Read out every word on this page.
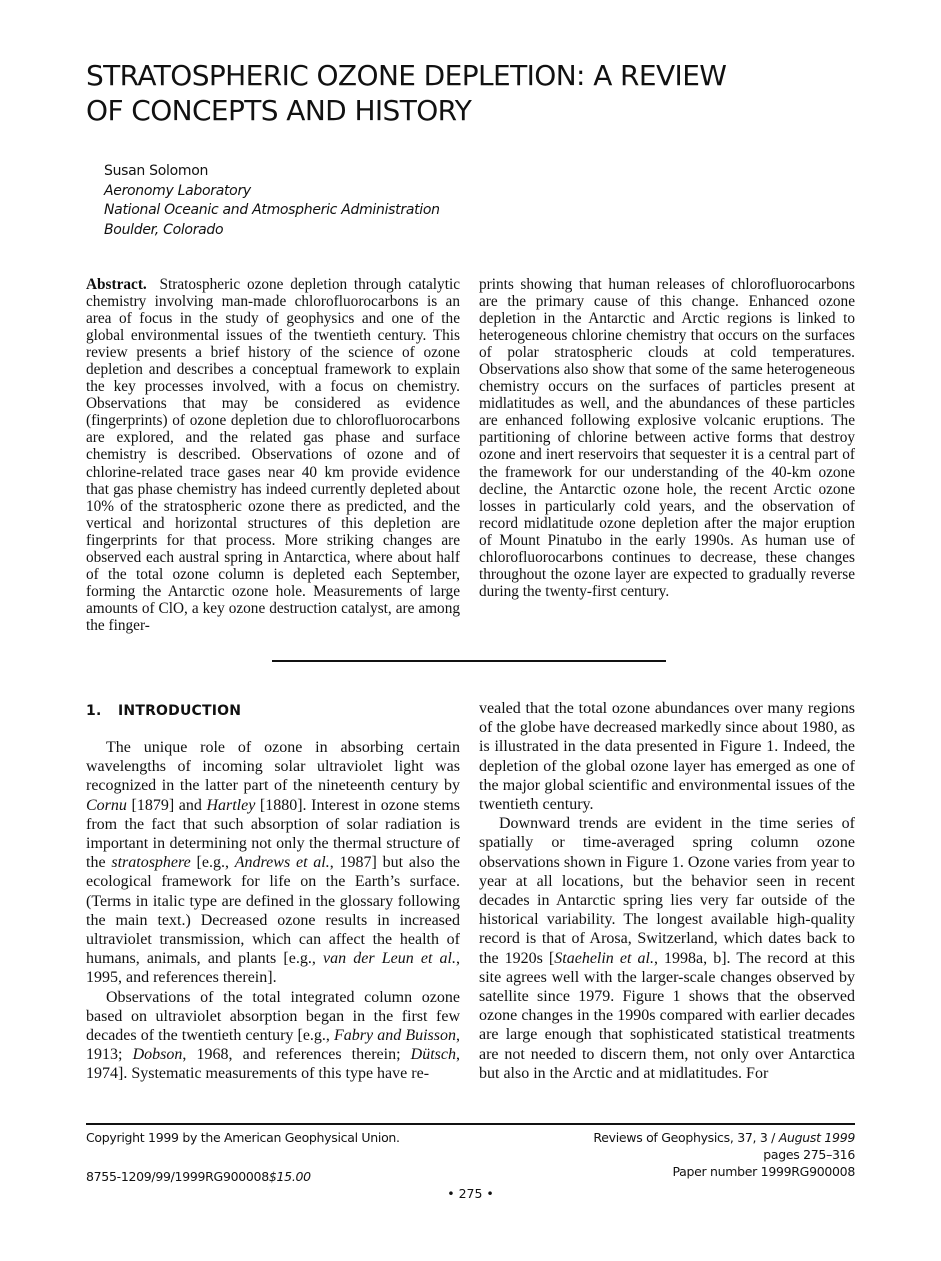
STRATOSPHERIC OZONE DEPLETION: A REVIEW
OF CONCEPTS AND HISTORY
Susan Solomon
Aeronomy Laboratory
National Oceanic and Atmospheric Administration
Boulder, Colorado
Abstract. Stratospheric ozone depletion through catalytic chemistry involving man-made chlorofluorocarbons is an area of focus in the study of geophysics and one of the global environmental issues of the twentieth century. This review presents a brief history of the science of ozone depletion and describes a conceptual framework to explain the key processes involved, with a focus on chemistry. Observations that may be considered as evidence (fingerprints) of ozone depletion due to chlorofluorocarbons are explored, and the related gas phase and surface chemistry is described. Observations of ozone and of chlorine-related trace gases near 40 km provide evidence that gas phase chemistry has indeed currently depleted about 10% of the stratospheric ozone there as predicted, and the vertical and horizontal structures of this depletion are fingerprints for that process. More striking changes are observed each austral spring in Antarctica, where about half of the total ozone column is depleted each September, forming the Antarctic ozone hole. Measurements of large amounts of ClO, a key ozone destruction catalyst, are among the finger-
prints showing that human releases of chlorofluorocarbons are the primary cause of this change. Enhanced ozone depletion in the Antarctic and Arctic regions is linked to heterogeneous chlorine chemistry that occurs on the surfaces of polar stratospheric clouds at cold temperatures. Observations also show that some of the same heterogeneous chemistry occurs on the surfaces of particles present at midlatitudes as well, and the abundances of these particles are enhanced following explosive volcanic eruptions. The partitioning of chlorine between active forms that destroy ozone and inert reservoirs that sequester it is a central part of the framework for our understanding of the 40-km ozone decline, the Antarctic ozone hole, the recent Arctic ozone losses in particularly cold years, and the observation of record midlatitude ozone depletion after the major eruption of Mount Pinatubo in the early 1990s. As human use of chlorofluorocarbons continues to decrease, these changes throughout the ozone layer are expected to gradually reverse during the twenty-first century.
1. INTRODUCTION

The unique role of ozone in absorbing certain wavelengths of incoming solar ultraviolet light was recognized in the latter part of the nineteenth century by Cornu [1879] and Hartley [1880]. Interest in ozone stems from the fact that such absorption of solar radiation is important in determining not only the thermal structure of the stratosphere [e.g., Andrews et al., 1987] but also the ecological framework for life on the Earth’s surface. (Terms in italic type are defined in the glossary following the main text.) Decreased ozone results in increased ultraviolet transmission, which can affect the health of humans, animals, and plants [e.g., van der Leun et al., 1995, and references therein].

Observations of the total integrated column ozone based on ultraviolet absorption began in the first few decades of the twentieth century [e.g., Fabry and Buisson, 1913; Dobson, 1968, and references therein; Dütsch, 1974]. Systematic measurements of this type have re-

vealed that the total ozone abundances over many regions of the globe have decreased markedly since about 1980, as is illustrated in the data presented in Figure 1. Indeed, the depletion of the global ozone layer has emerged as one of the major global scientific and environmental issues of the twentieth century.

Downward trends are evident in the time series of spatially or time-averaged spring column ozone observations shown in Figure 1. Ozone varies from year to year at all locations, but the behavior seen in recent decades in Antarctic spring lies very far outside of the historical variability. The longest available high-quality record is that of Arosa, Switzerland, which dates back to the 1920s [Staehelin et al., 1998a, b]. The record at this site agrees well with the larger-scale changes observed by satellite since 1979. Figure 1 shows that the observed ozone changes in the 1990s compared with earlier decades are large enough that sophisticated statistical treatments are not needed to discern them, not only over Antarctica but also in the Arctic and at midlatitudes. For

Copyright 1999 by the American Geophysical Union.
8755-1209/99/1999RG900008$15.00
Reviews of Geophysics, 37, 3 / August 1999
pages 275–316
Paper number 1999RG900008
• 275 •
